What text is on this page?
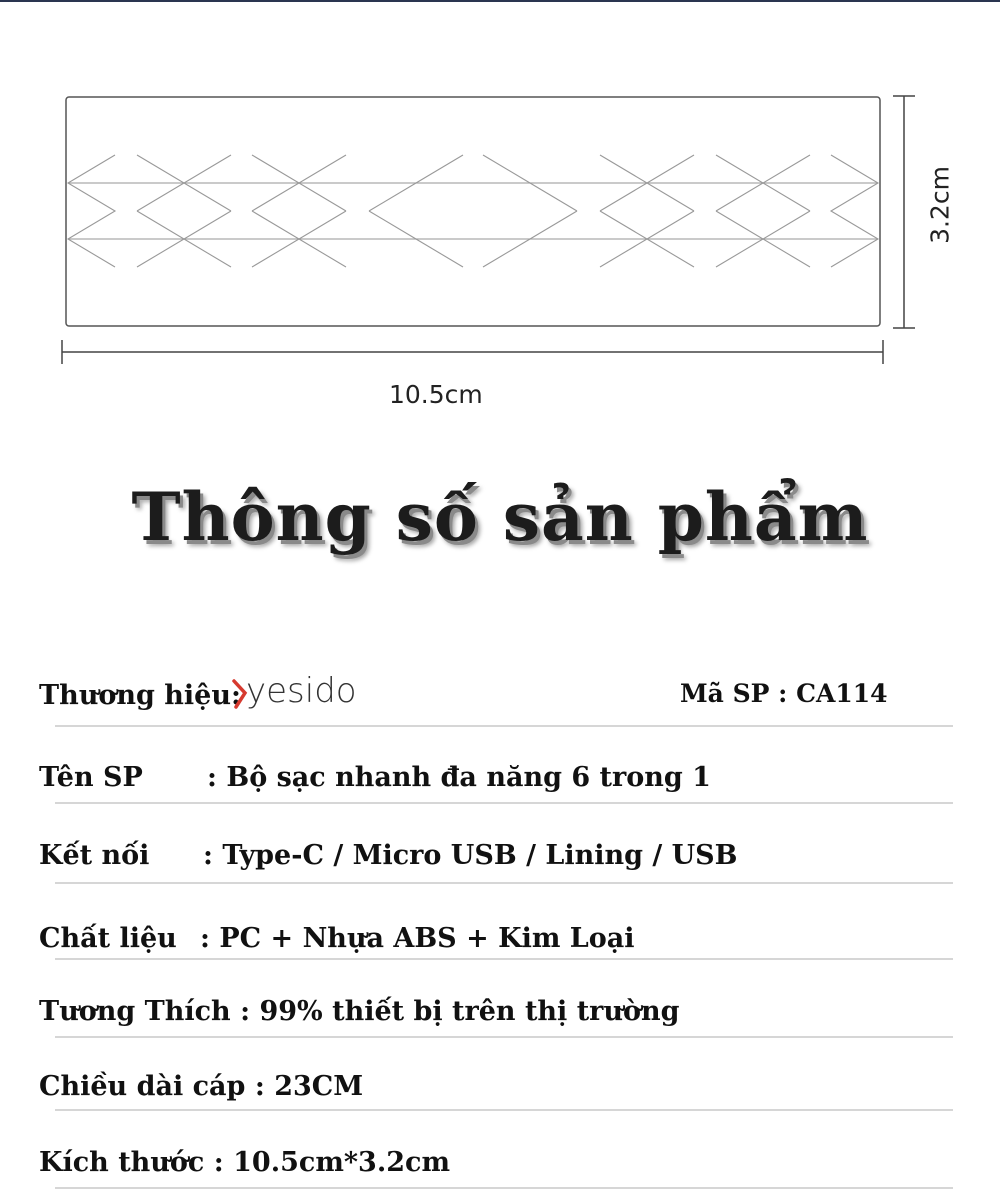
10.5cm
3.2cm
Thông số sản phẩm
Thương hiệu: yesido	Mã SP : CA114
Tên SP : Bộ sạc nhanh đa năng 6 trong 1
Kết nối : Type-C / Micro USB / Lining / USB
Chất liệu : PC + Nhựa ABS + Kim Loại
Tương Thích : 99% thiết bị trên thị trường
Chiều dài cáp : 23CM
Kích thước : 10.5cm*3.2cm
